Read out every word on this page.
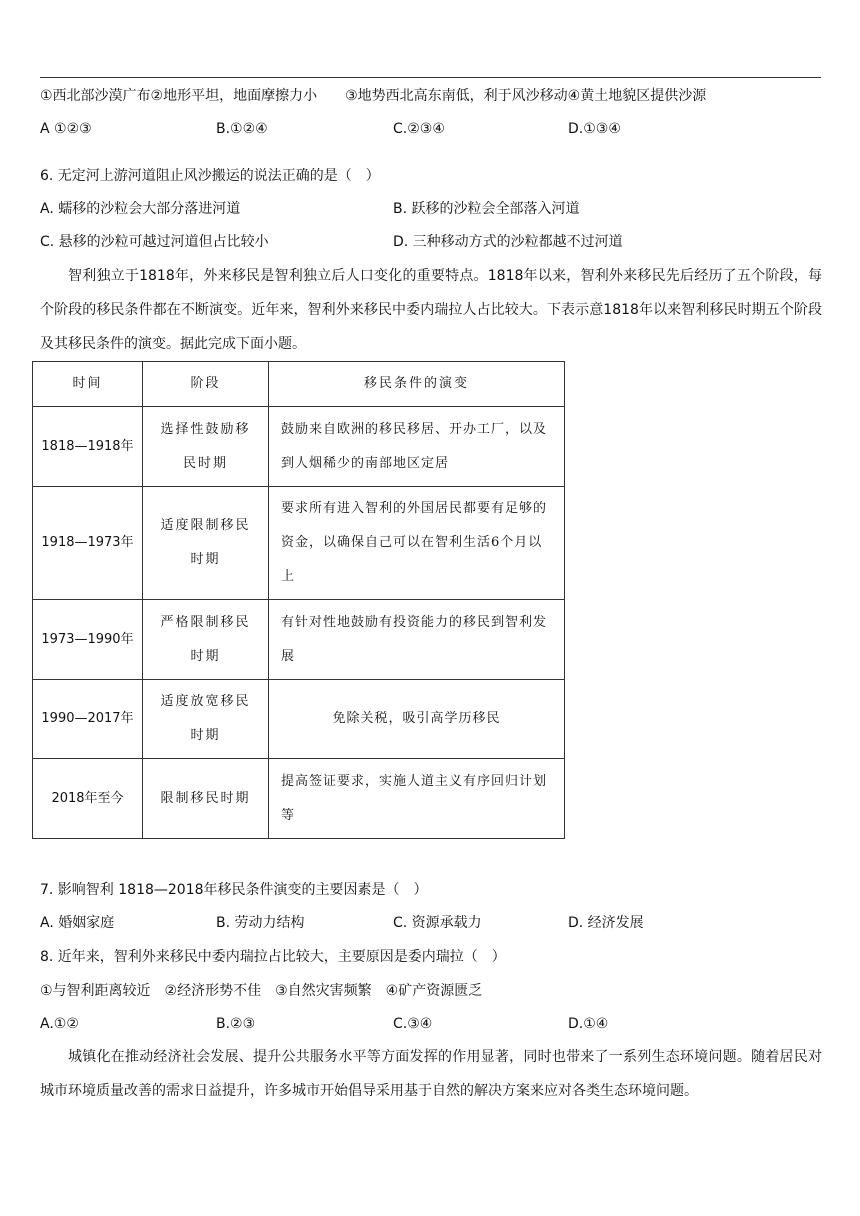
①西北部沙漠广布②地形平坦，地面摩擦力小　　③地势西北高东南低，利于风沙移动④黄土地貌区提供沙源
A ①②③	B.①②④	C.②③④	D.①③④
6. 无定河上游河道阻止风沙搬运的说法正确的是（　）
A. 蠕移的沙粒会大部分落进河道	B. 跃移的沙粒会全部落入河道
C. 悬移的沙粒可越过河道但占比较小	D. 三种移动方式的沙粒都越不过河道
智利独立于1818年，外来移民是智利独立后人口变化的重要特点。1818年以来，智利外来移民先后经历了五个阶段，每个阶段的移民条件都在不断演变。近年来，智利外来移民中委内瑞拉人占比较大。下表示意1818年以来智利移民时期五个阶段及其移民条件的演变。据此完成下面小题。
时间	阶段	移民条件的演变
1818—1918年	选择性鼓励移民时期	鼓励来自欧洲的移民移居、开办工厂，以及到人烟稀少的南部地区定居
1918—1973年	适度限制移民时期	要求所有进入智利的外国居民都要有足够的资金，以确保自己可以在智利生活6个月以上
1973—1990年	严格限制移民时期	有针对性地鼓励有投资能力的移民到智利发展
1990—2017年	适度放宽移民时期	免除关税，吸引高学历移民
2018年至今	限制移民时期	提高签证要求，实施人道主义有序回归计划等
7. 影响智利 1818—2018年移民条件演变的主要因素是（　）
A. 婚姻家庭	B. 劳动力结构	C. 资源承载力	D. 经济发展
8. 近年来，智利外来移民中委内瑞拉占比较大，主要原因是委内瑞拉（　）
①与智利距离较近　②经济形势不佳　③自然灾害频繁　④矿产资源匮乏
A.①②	B.②③	C.③④	D.①④
城镇化在推动经济社会发展、提升公共服务水平等方面发挥的作用显著，同时也带来了一系列生态环境问题。随着居民对城市环境质量改善的需求日益提升，许多城市开始倡导采用基于自然的解决方案来应对各类生态环境问题。
